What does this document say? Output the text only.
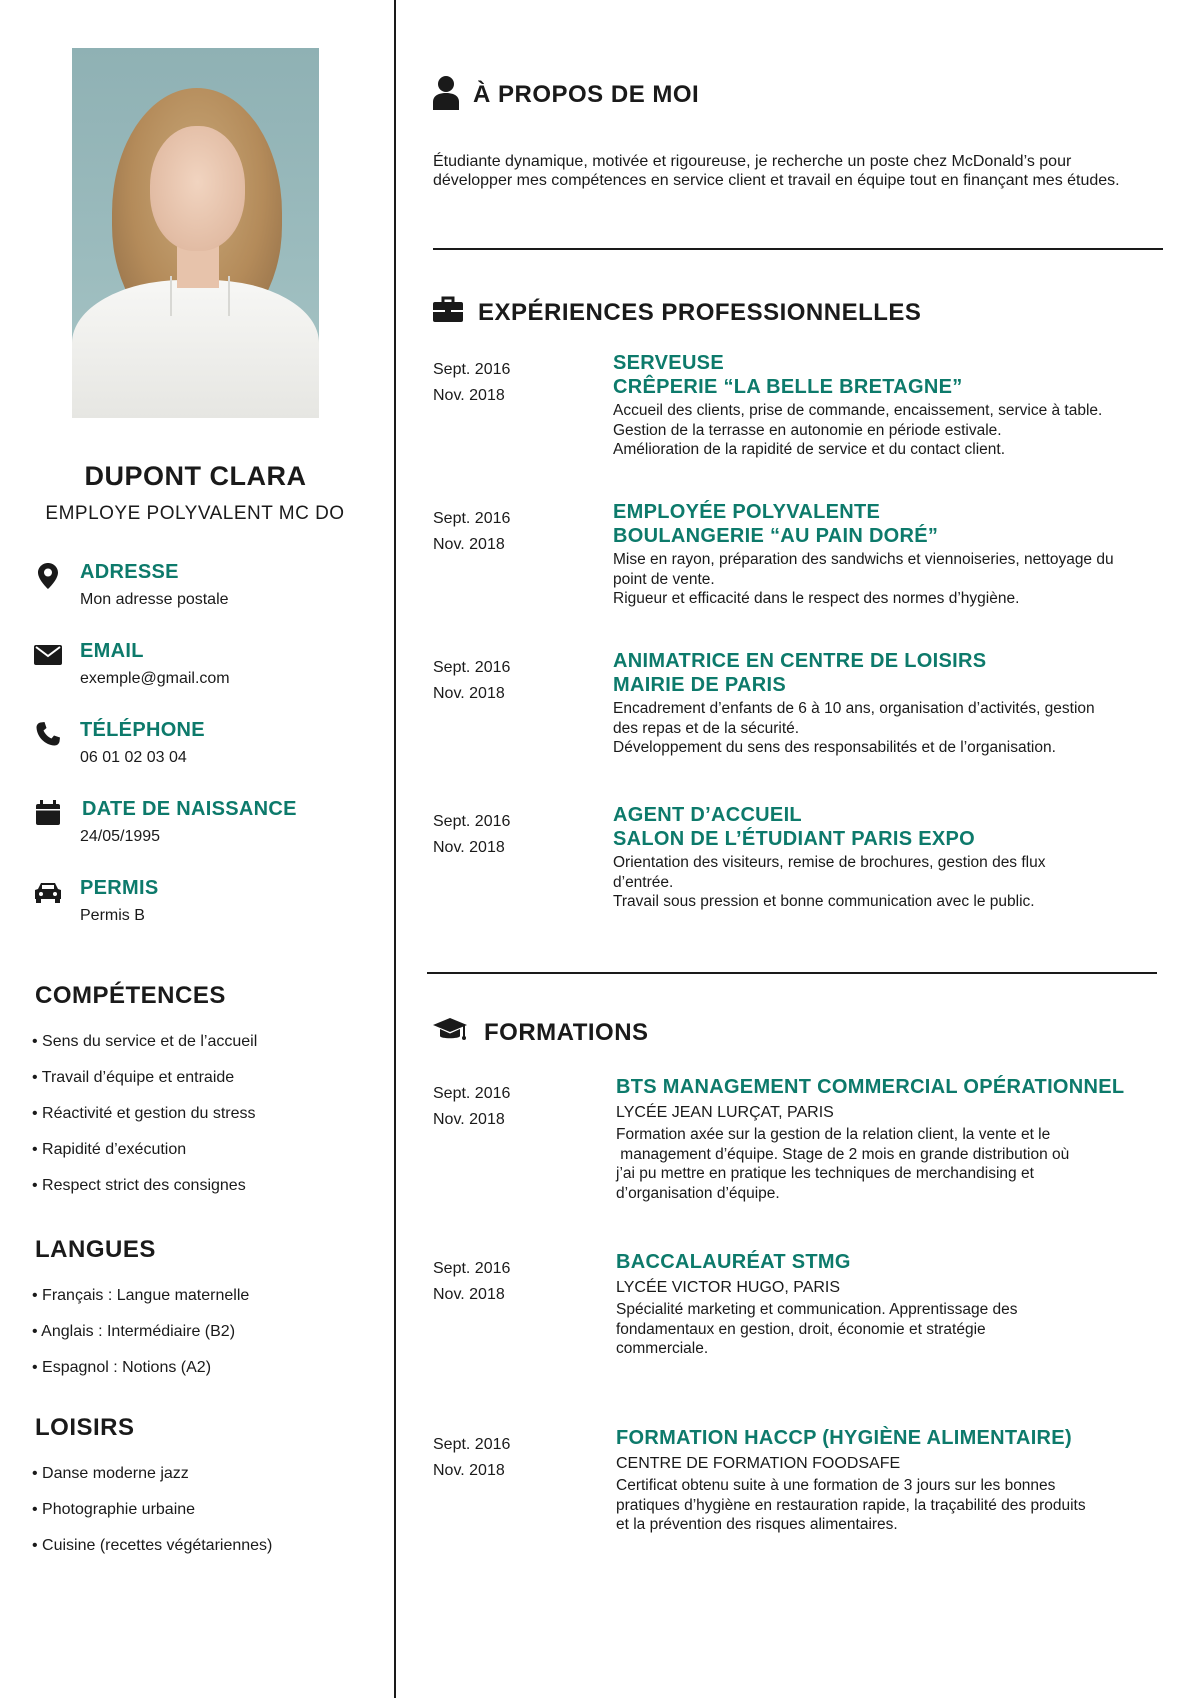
DUPONT CLARA
EMPLOYE POLYVALENT MC DO
ADRESSE
Mon adresse postale
EMAIL
exemple@gmail.com
TÉLÉPHONE
06 01 02 03 04
DATE DE NAISSANCE
24/05/1995
PERMIS
Permis B
COMPÉTENCES
• Sens du service et de l’accueil
• Travail d’équipe et entraide
• Réactivité et gestion du stress
• Rapidité d’exécution
• Respect strict des consignes
LANGUES
• Français : Langue maternelle
• Anglais : Intermédiaire (B2)
• Espagnol : Notions (A2)
LOISIRS
• Danse moderne jazz
• Photographie urbaine
• Cuisine (recettes végétariennes)
À PROPOS DE MOI
Étudiante dynamique, motivée et rigoureuse, je recherche un poste chez McDonald’s pour
développer mes compétences en service client et travail en équipe tout en finançant mes études.
EXPÉRIENCES PROFESSIONNELLES
Sept. 2016
Nov. 2018
SERVEUSE
CRÊPERIE “LA BELLE BRETAGNE”
Accueil des clients, prise de commande, encaissement, service à table.
Gestion de la terrasse en autonomie en période estivale.
Amélioration de la rapidité de service et du contact client.
Sept. 2016
Nov. 2018
EMPLOYÉE POLYVALENTE
BOULANGERIE “AU PAIN DORÉ”
Mise en rayon, préparation des sandwichs et viennoiseries, nettoyage du
point de vente.
Rigueur et efficacité dans le respect des normes d’hygiène.
Sept. 2016
Nov. 2018
ANIMATRICE EN CENTRE DE LOISIRS
MAIRIE DE PARIS
Encadrement d’enfants de 6 à 10 ans, organisation d’activités, gestion
des repas et de la sécurité.
Développement du sens des responsabilités et de l’organisation.
Sept. 2016
Nov. 2018
AGENT D’ACCUEIL
SALON DE L’ÉTUDIANT PARIS EXPO
Orientation des visiteurs, remise de brochures, gestion des flux
d’entrée.
Travail sous pression et bonne communication avec le public.
FORMATIONS
Sept. 2016
Nov. 2018
BTS MANAGEMENT COMMERCIAL OPÉRATIONNEL
LYCÉE JEAN LURÇAT, PARIS
Formation axée sur la gestion de la relation client, la vente et le
management d’équipe. Stage de 2 mois en grande distribution où
j’ai pu mettre en pratique les techniques de merchandising et
d’organisation d’équipe.
Sept. 2016
Nov. 2018
BACCALAURÉAT STMG
LYCÉE VICTOR HUGO, PARIS
Spécialité marketing et communication. Apprentissage des
fondamentaux en gestion, droit, économie et stratégie
commerciale.
Sept. 2016
Nov. 2018
FORMATION HACCP (HYGIÈNE ALIMENTAIRE)
CENTRE DE FORMATION FOODSAFE
Certificat obtenu suite à une formation de 3 jours sur les bonnes
pratiques d’hygiène en restauration rapide, la traçabilité des produits
et la prévention des risques alimentaires.
